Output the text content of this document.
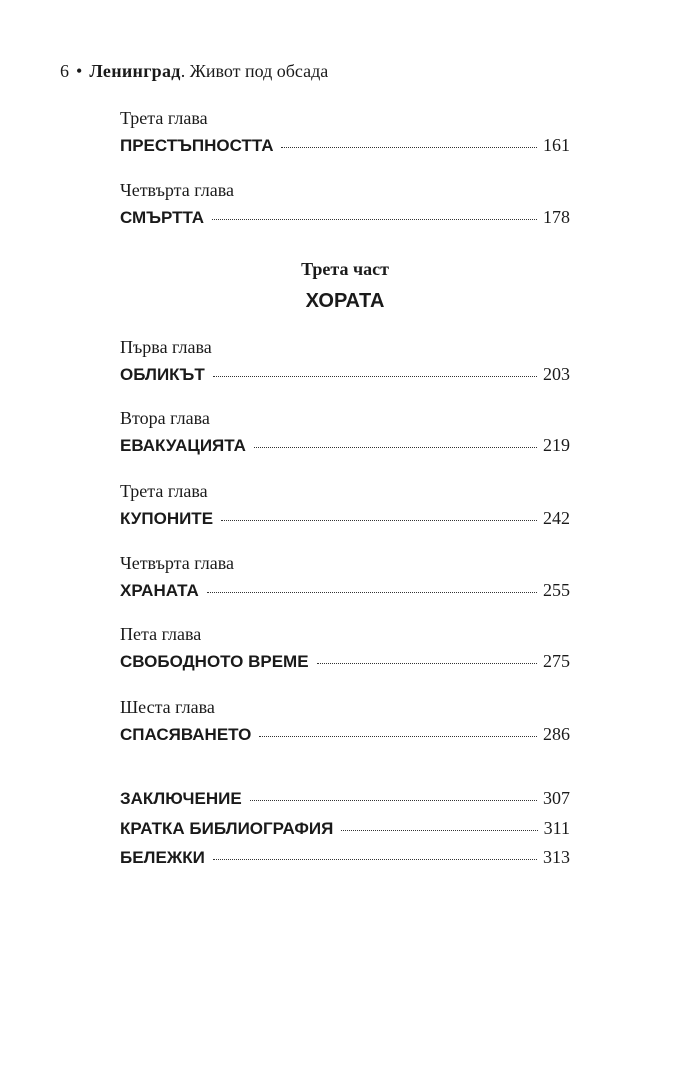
6 • Ленинград. Живот под обсада
Трета глава
ПРЕСТЪПНОСТТА	161
Четвърта глава
СМЪРТТА	178
Трета част
ХОРАТА
Първа глава
ОБЛИКЪТ	203
Втора глава
ЕВАКУАЦИЯТА	219
Трета глава
КУПОНИТЕ	242
Четвърта глава
ХРАНАТА	255
Пета глава
СВОБОДНОТО ВРЕМЕ	275
Шеста глава
СПАСЯВАНЕТО	286
ЗАКЛЮЧЕНИЕ	307
КРАТКА БИБЛИОГРАФИЯ	311
БЕЛЕЖКИ	313
